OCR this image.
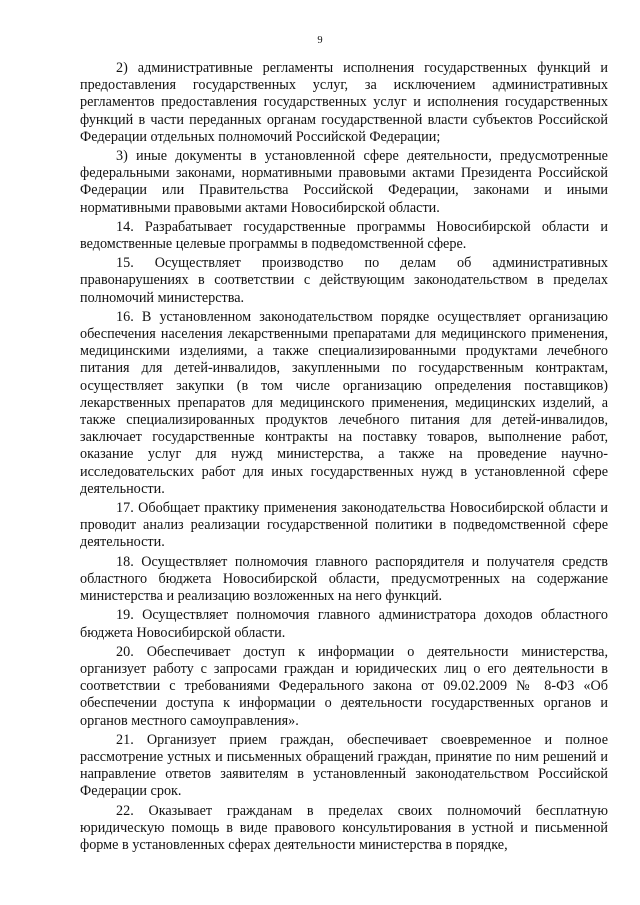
9

2) административные регламенты исполнения государственных функций и предоставления государственных услуг, за исключением административных регламентов предоставления государственных услуг и исполнения государственных функций в части переданных органам государственной власти субъектов Российской Федерации отдельных полномочий Российской Федерации;

3) иные документы в установленной сфере деятельности, предусмотренные федеральными законами, нормативными правовыми актами Президента Российской Федерации или Правительства Российской Федерации, законами и иными нормативными правовыми актами Новосибирской области.

14. Разрабатывает государственные программы Новосибирской области и ведомственные целевые программы в подведомственной сфере.

15. Осуществляет производство по делам об административных правонарушениях в соответствии с действующим законодательством в пределах полномочий министерства.

16. В установленном законодательством порядке осуществляет организацию обеспечения населения лекарственными препаратами для медицинского применения, медицинскими изделиями, а также специализированными продуктами лечебного питания для детей-инвалидов, закупленными по государственным контрактам, осуществляет закупки (в том числе организацию определения поставщиков) лекарственных препаратов для медицинского применения, медицинских изделий, а также специализированных продуктов лечебного питания для детей-инвалидов, заключает государственные контракты на поставку товаров, выполнение работ, оказание услуг для нужд министерства, а также на проведение научно-исследовательских работ для иных государственных нужд в установленной сфере деятельности.

17. Обобщает практику применения законодательства Новосибирской области и проводит анализ реализации государственной политики в подведомственной сфере деятельности.

18. Осуществляет полномочия главного распорядителя и получателя средств областного бюджета Новосибирской области, предусмотренных на содержание министерства и реализацию возложенных на него функций.

19. Осуществляет полномочия главного администратора доходов областного бюджета Новосибирской области.

20. Обеспечивает доступ к информации о деятельности министерства, организует работу с запросами граждан и юридических лиц о его деятельности в соответствии с требованиями Федерального закона от 09.02.2009 № 8-ФЗ «Об обеспечении доступа к информации о деятельности государственных органов и органов местного самоуправления».

21. Организует прием граждан, обеспечивает своевременное и полное рассмотрение устных и письменных обращений граждан, принятие по ним решений и направление ответов заявителям в установленный законодательством Российской Федерации срок.

22. Оказывает гражданам в пределах своих полномочий бесплатную юридическую помощь в виде правового консультирования в устной и письменной форме в установленных сферах деятельности министерства в порядке,
